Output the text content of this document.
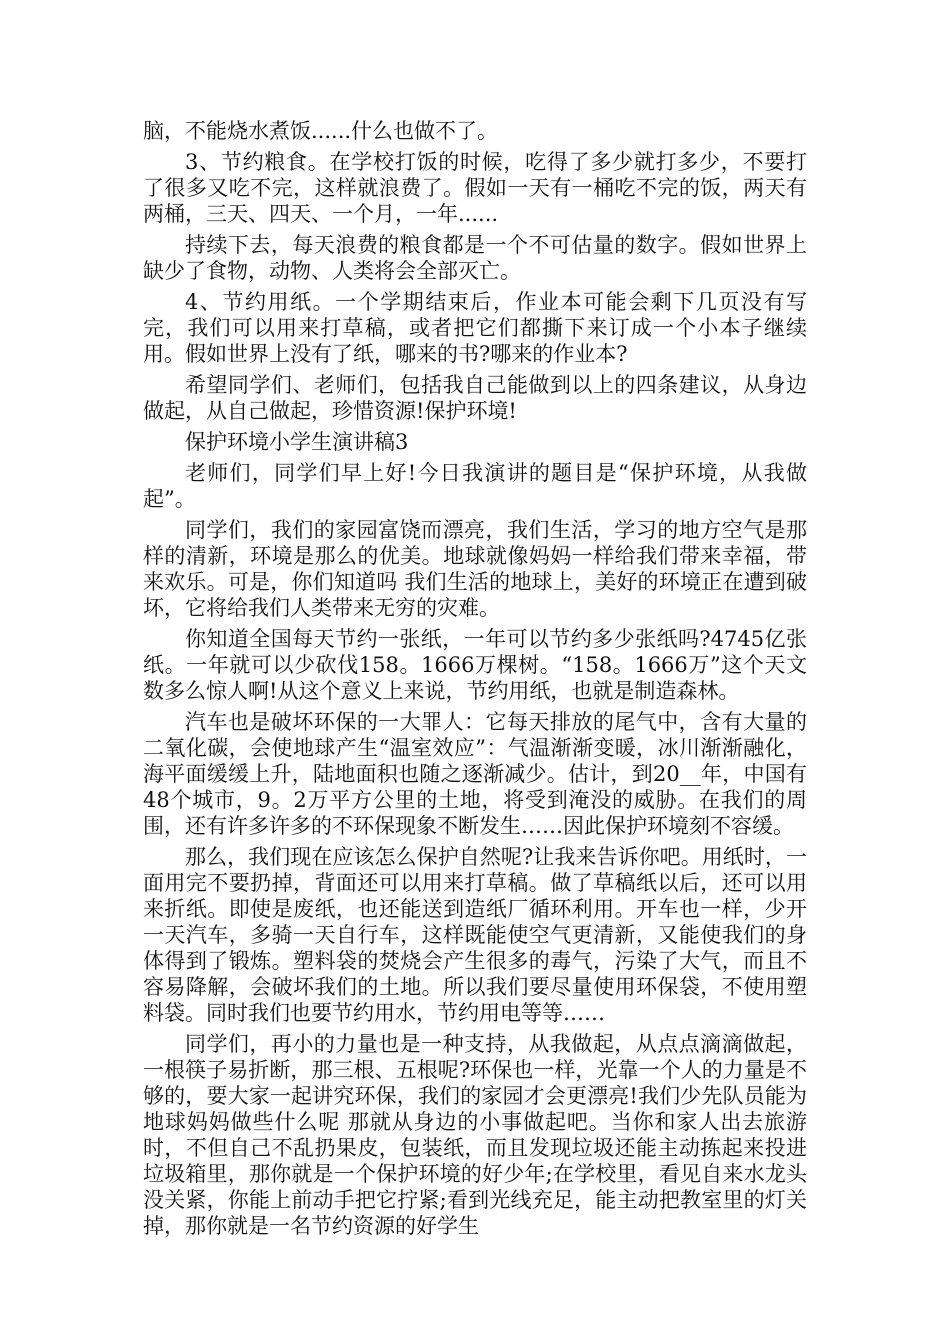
脑，不能烧水煮饭......什么也做不了。

3、节约粮食。在学校打饭的时候，吃得了多少就打多少，不要打了很多又吃不完，这样就浪费了。假如一天有一桶吃不完的饭，两天有两桶，三天、四天、一个月，一年......

持续下去，每天浪费的粮食都是一个不可估量的数字。假如世界上缺少了食物，动物、人类将会全部灭亡。

4、节约用纸。一个学期结束后，作业本可能会剩下几页没有写完，我们可以用来打草稿，或者把它们都撕下来订成一个小本子继续用。假如世界上没有了纸，哪来的书?哪来的作业本?

希望同学们、老师们，包括我自己能做到以上的四条建议，从身边做起，从自己做起，珍惜资源!保护环境!

保护环境小学生演讲稿3

老师们，同学们早上好!今日我演讲的题目是“保护环境，从我做起”。

同学们，我们的家园富饶而漂亮，我们生活，学习的地方空气是那样的清新，环境是那么的优美。地球就像妈妈一样给我们带来幸福，带来欢乐。可是，你们知道吗 我们生活的地球上，美好的环境正在遭到破坏，它将给我们人类带来无穷的灾难。

你知道全国每天节约一张纸，一年可以节约多少张纸吗?4745亿张纸。一年就可以少砍伐158。1666万棵树。“158。1666万”这个天文数多么惊人啊!从这个意义上来说，节约用纸，也就是制造森林。

汽车也是破坏环保的一大罪人：它每天排放的尾气中，含有大量的二氧化碳，会使地球产生“温室效应”：气温渐渐变暖，冰川渐渐融化，海平面缓缓上升，陆地面积也随之逐渐减少。估计，到20__年，中国有48个城市，9。2万平方公里的土地，将受到淹没的威胁。在我们的周围，还有许多许多的不环保现象不断发生……因此保护环境刻不容缓。

那么，我们现在应该怎么保护自然呢?让我来告诉你吧。用纸时，一面用完不要扔掉，背面还可以用来打草稿。做了草稿纸以后，还可以用来折纸。即使是废纸，也还能送到造纸厂循环利用。开车也一样，少开一天汽车，多骑一天自行车，这样既能使空气更清新，又能使我们的身体得到了锻炼。塑料袋的焚烧会产生很多的毒气，污染了大气，而且不容易降解，会破坏我们的土地。所以我们要尽量使用环保袋，不使用塑料袋。同时我们也要节约用水，节约用电等等……

同学们，再小的力量也是一种支持，从我做起，从点点滴滴做起，一根筷子易折断，那三根、五根呢?环保也一样，光靠一个人的力量是不够的，要大家一起讲究环保，我们的家园才会更漂亮!我们少先队员能为地球妈妈做些什么呢 那就从身边的小事做起吧。当你和家人出去旅游时，不但自己不乱扔果皮，包装纸，而且发现垃圾还能主动拣起来投进垃圾箱里，那你就是一个保护环境的好少年;在学校里，看见自来水龙头没关紧，你能上前动手把它拧紧;看到光线充足，能主动把教室里的灯关掉，那你就是一名节约资源的好学生
